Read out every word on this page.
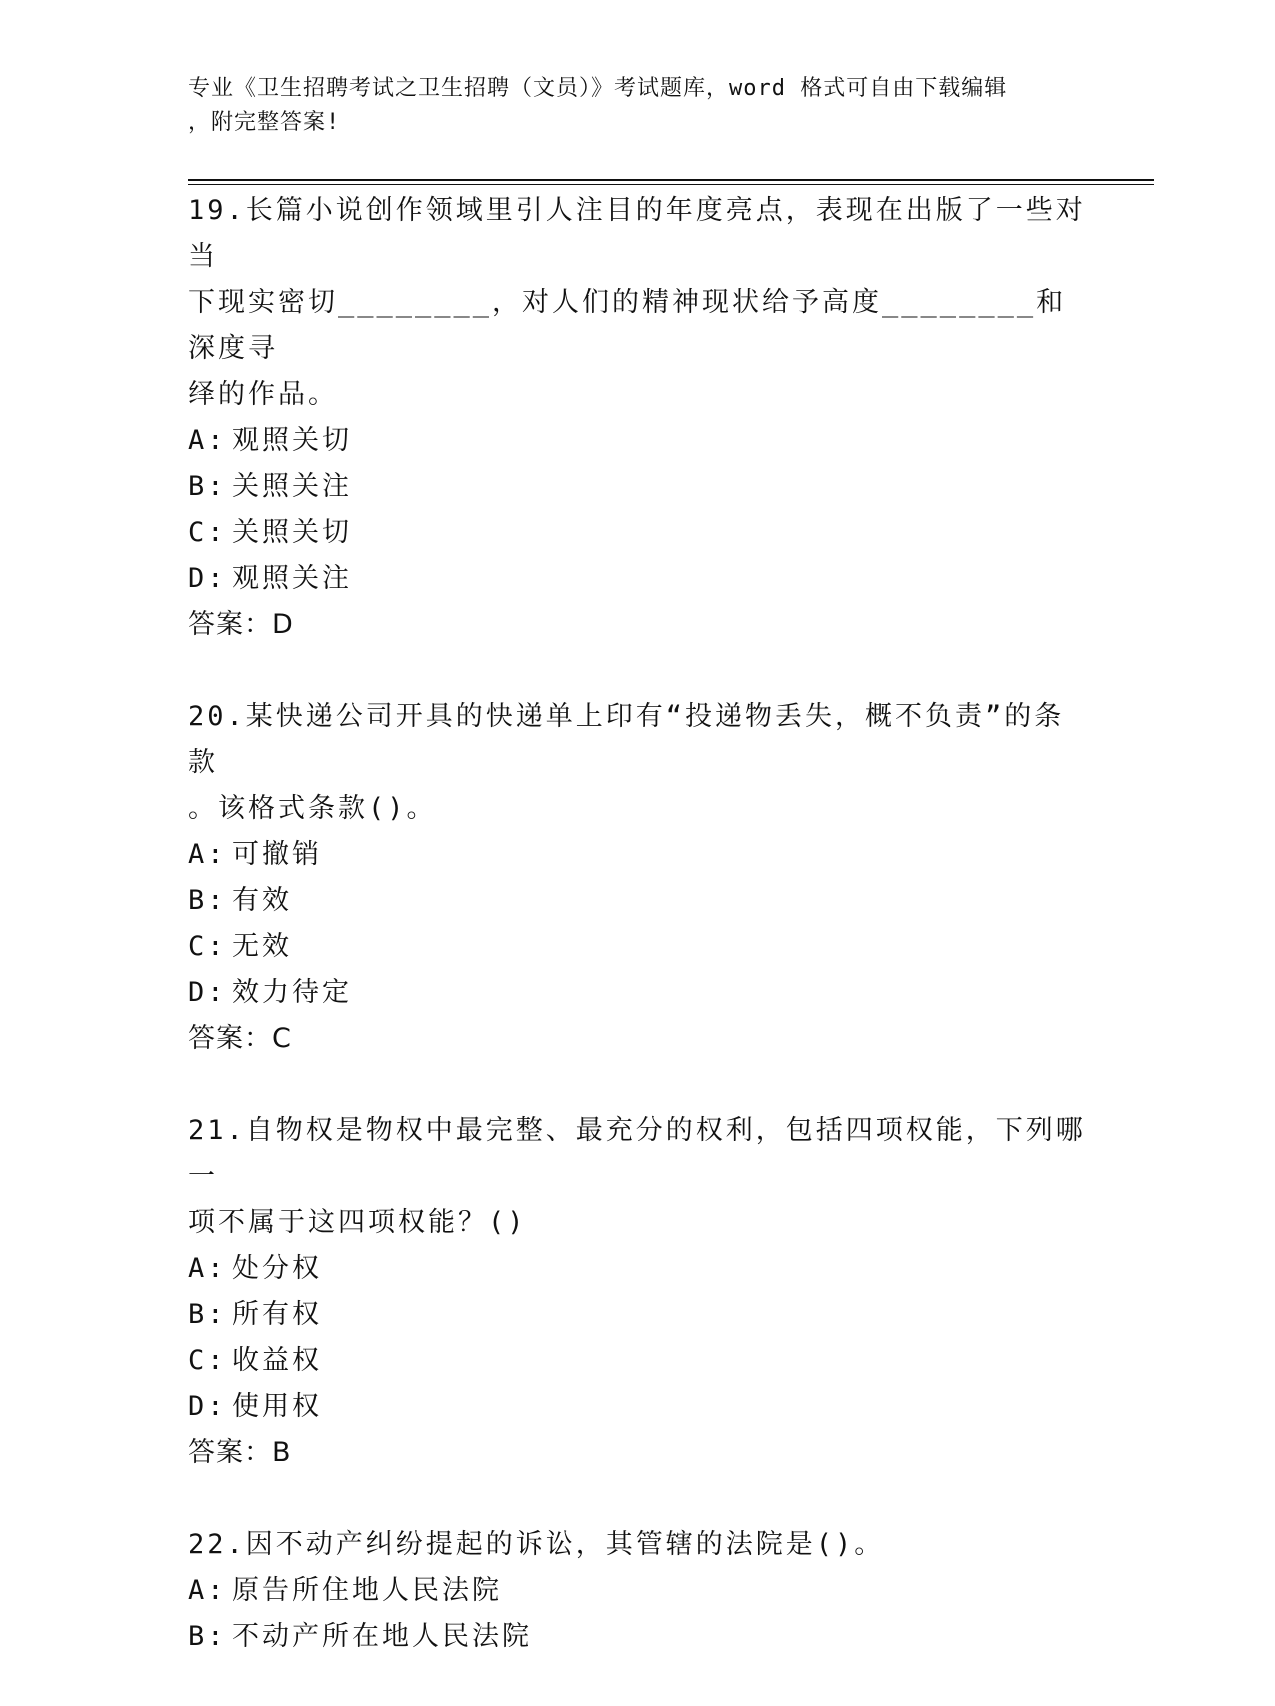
专业《卫生招聘考试之卫生招聘（文员）》考试题库，word 格式可自由下载编辑
，附完整答案!

19.长篇小说创作领域里引人注目的年度亮点，表现在出版了一些对当

下现实密切________，对人们的精神现状给予高度________和深度寻

绎的作品。

A: 观照关切
B: 关照关注
C: 关照关切
D: 观照关注

答案：D

20.某快递公司开具的快递单上印有“投递物丢失，概不负责”的条款

。该格式条款()。

A: 可撤销
B: 有效
C: 无效
D: 效力待定

答案：C

21.自物权是物权中最完整、最充分的权利，包括四项权能，下列哪一

项不属于这四项权能？()

A: 处分权
B: 所有权
C: 收益权
D: 使用权

答案：B

22.因不动产纠纷提起的诉讼，其管辖的法院是()。

A: 原告所住地人民法院
B: 不动产所在地人民法院
